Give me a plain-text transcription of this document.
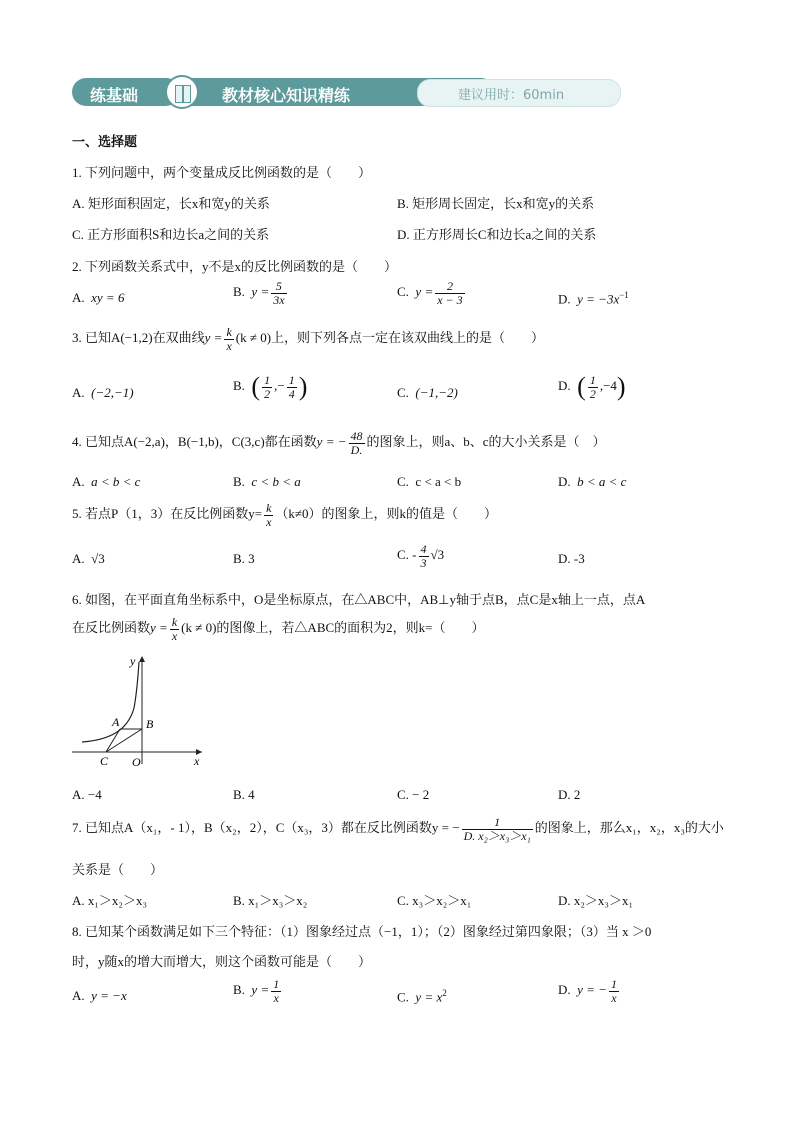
练基础	教材核心知识精练	建议用时：60min
一、选择题
1. 下列问题中，两个变量成反比例函数的是（　　）
A. 矩形面积固定，长x和宽y的关系	B. 矩形周长固定，长x和宽y的关系
C. 正方形面积S和边长a之间的关系	D. 正方形周长C和边长a之间的关系
2. 下列函数关系式中，y不是x的反比例函数的是（　　）
A. xy = 6	B. $y = \frac{5}{3x}$	C. $y = \frac{2}{x - 3}$	D. $y = -3x^{-1}$
3. 已知A(−1,2)在双曲线$y = \frac{k}{x} (k \ne 0)$上，则下列各点一定在该双曲线上的是（　　）
A. (−2,−1)	B. ( $\frac{1}{2}$ ,− $\frac{1}{4}$ )	C. (−1,−2)	D. ( $\frac{1}{2} ,-4$)
4. 已知点A(−2,a)，B(−1,b)，C(3,c)都在函数y = − $\frac{48}{D.}$ 的图象上，则a、b、c的大小关系是（　）
A. a < b < c	B. c < b < a	C. c < a < b	D. b < a < c
5. 若点P（1，3）在反比例函数$y= \frac{k}{x} (k\ne 0)$的图象上，则k的值是（　　）
A. √3	B. 3	C. - $\frac{4}{3} √3$	D. -3
6. 如图，在平面直角坐标系中，O是坐标原点，在△ABC中，AB⊥y轴于点B，点C是x轴上一点，点A
在反比例函数$y = \frac{k}{x} (k \ne 0)$的图像上，若△ABC的面积为2，则k=（　　）
y
x
A B
C O
A. −4	B. 4	C. − 2	D. 2
7. 已知点A（x₁，- 1），B（x₂，2），C（x₃，3）都在反比例函数y = − $\frac{1}{\text{D. x₂＞x₃＞x₁}}$ 的图象上，那么x₁，x₂，x₃的大小
关系是（　　）
A. x₁＞x₂＞x₃	B. x₁＞x₃＞x₂	C. x₃＞x₂＞x₁	D. x₂＞x₃＞x₁
8. 已知某个函数满足如下三个特征：（1）图象经过点（−1，1）；（2）图象经过第四象限；（3）当 x ＞0
时，y随x的增大而增大，则这个函数可能是（　　）
A. y = −x	B. $y = \frac{1}{x}$	C. $y = x^2$	D. y = − $\frac{1}{x}$
